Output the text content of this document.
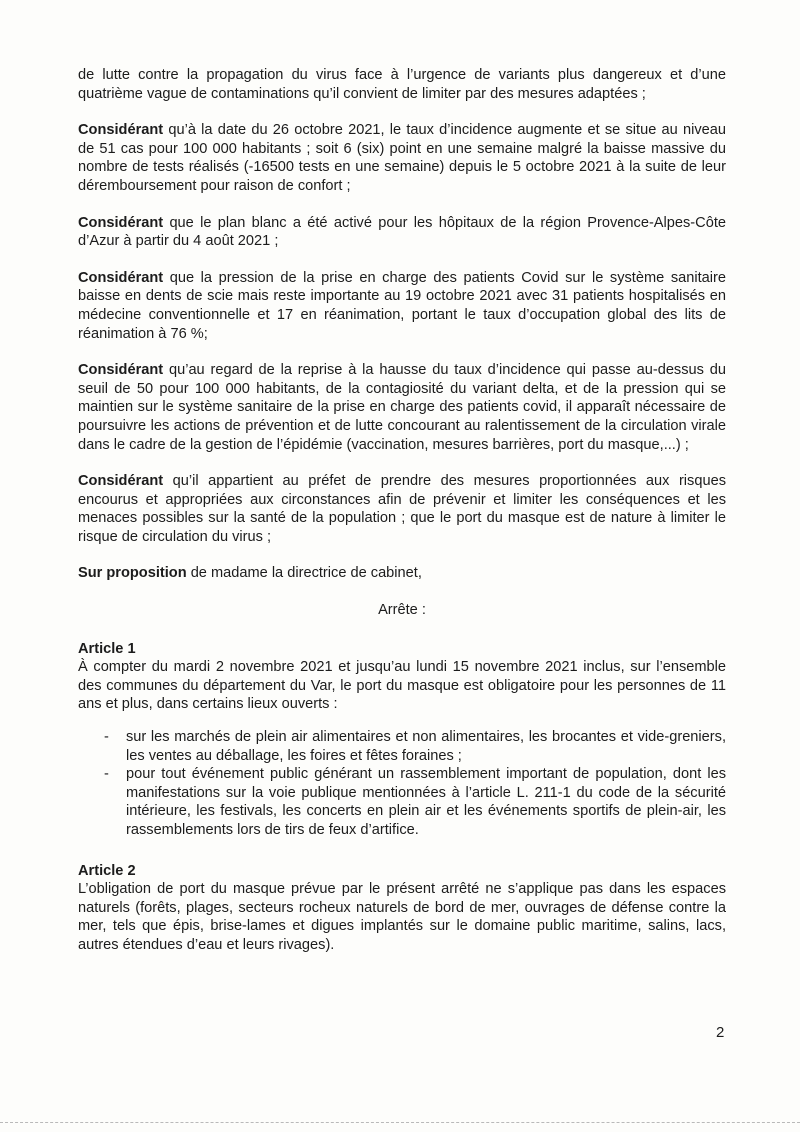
de lutte contre la propagation du virus face à l’urgence de variants plus dangereux et d’une quatrième vague de contaminations qu’il convient de limiter par des mesures adaptées ;

Considérant qu’à la date du 26 octobre 2021, le taux d’incidence augmente et se situe au niveau de 51 cas pour 100 000 habitants ; soit 6 (six) point en une semaine malgré la baisse massive du nombre de tests réalisés (-16500 tests en une semaine) depuis le 5 octobre 2021 à la suite de leur déremboursement pour raison de confort ;

Considérant que le plan blanc a été activé pour les hôpitaux de la région Provence-Alpes-Côte d’Azur à partir du 4 août 2021 ;

Considérant que la pression de la prise en charge des patients Covid sur le système sanitaire baisse en dents de scie mais reste importante au 19 octobre 2021 avec 31 patients hospitalisés en médecine conventionnelle et 17 en réanimation, portant le taux d’occupation global des lits de réanimation à 76 %;

Considérant qu’au regard de la reprise à la hausse du taux d’incidence qui passe au-dessus du seuil de 50 pour 100 000 habitants, de la contagiosité du variant delta, et de la pression qui se maintien sur le système sanitaire de la prise en charge des patients covid, il apparaît nécessaire de poursuivre les actions de prévention et de lutte concourant au ralentissement de la circulation virale dans le cadre de la gestion de l’épidémie (vaccination, mesures barrières, port du masque,...) ;

Considérant qu’il appartient au préfet de prendre des mesures proportionnées aux risques encourus et appropriées aux circonstances afin de prévenir et limiter les conséquences et les menaces possibles sur la santé de la population ; que le port du masque est de nature à limiter le risque de circulation du virus ;

Sur proposition de madame la directrice de cabinet,

Arrête :

Article 1

À compter du mardi 2 novembre 2021 et jusqu’au lundi 15 novembre 2021 inclus, sur l’ensemble des communes du département du Var, le port du masque est obligatoire pour les personnes de 11 ans et plus, dans certains lieux ouverts :

- sur les marchés de plein air alimentaires et non alimentaires, les brocantes et vide-greniers, les ventes au déballage, les foires et fêtes foraines ;
- pour tout événement public générant un rassemblement important de population, dont les manifestations sur la voie publique mentionnées à l’article L. 211-1 du code de la sécurité intérieure, les festivals, les concerts en plein air et les événements sportifs de plein-air, les rassemblements lors de tirs de feux d’artifice.

Article 2

L’obligation de port du masque prévue par le présent arrêté ne s’applique pas dans les espaces naturels (forêts, plages, secteurs rocheux naturels de bord de mer, ouvrages de défense contre la mer, tels que épis, brise-lames et digues implantés sur le domaine public maritime, salins, lacs, autres étendues d’eau et leurs rivages).

2
